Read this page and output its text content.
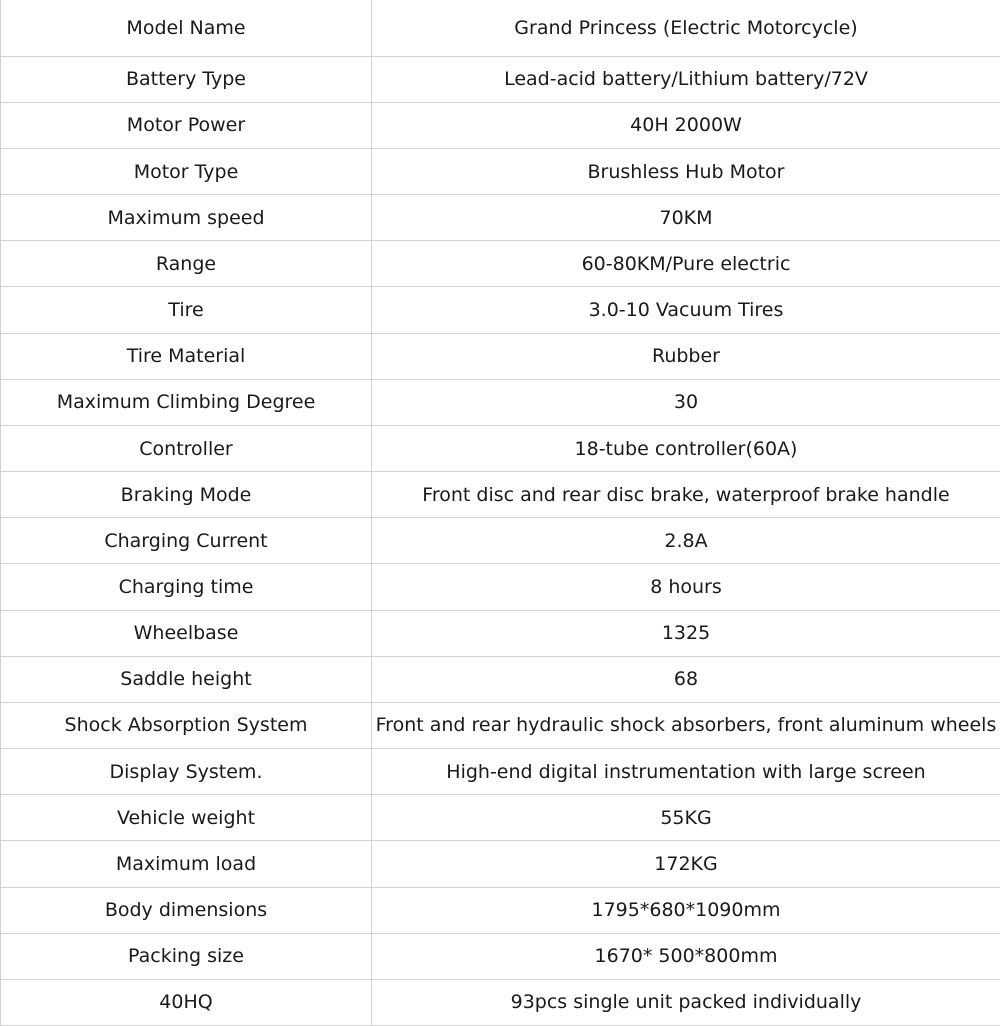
Model Name	Grand Princess (Electric Motorcycle)
Battery Type	Lead-acid battery/Lithium battery/72V
Motor Power	40H 2000W
Motor Type	Brushless Hub Motor
Maximum speed	70KM
Range	60-80KM/Pure electric
Tire	3.0-10 Vacuum Tires
Tire Material	Rubber
Maximum Climbing Degree	30
Controller	18-tube controller(60A)
Braking Mode	Front disc and rear disc brake, waterproof brake handle
Charging Current	2.8A
Charging time	8 hours
Wheelbase	1325
Saddle height	68
Shock Absorption System	Front and rear hydraulic shock absorbers, front aluminum wheels
Display System.	High-end digital instrumentation with large screen
Vehicle weight	55KG
Maximum load	172KG
Body dimensions	1795*680*1090mm
Packing size	1670* 500*800mm
40HQ	93pcs single unit packed individually
